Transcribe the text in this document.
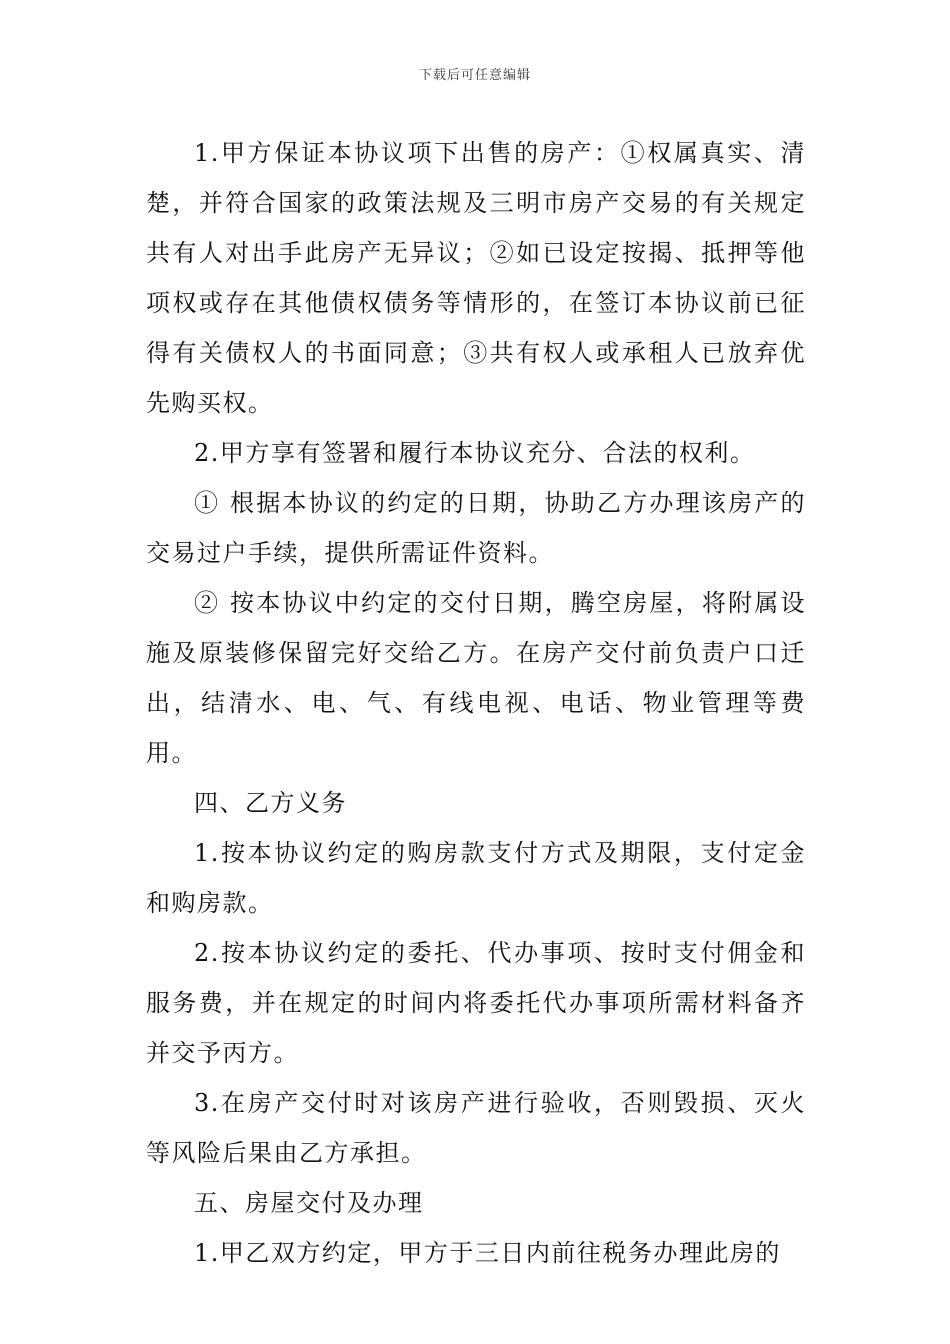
下载后可任意编辑

1.甲方保证本协议项下出售的房产：①权属真实、清楚，并符合国家的政策法规及三明市房产交易的有关规定共有人对出手此房产无异议；②如已设定按揭、抵押等他项权或存在其他债权债务等情形的，在签订本协议前已征得有关债权人的书面同意；③共有权人或承租人已放弃优先购买权。

2.甲方享有签署和履行本协议充分、合法的权利。

① 根据本协议的约定的日期，协助乙方办理该房产的交易过户手续，提供所需证件资料。

② 按本协议中约定的交付日期，腾空房屋，将附属设施及原装修保留完好交给乙方。在房产交付前负责户口迁出，结清水、电、气、有线电视、电话、物业管理等费用。

四、乙方义务

1.按本协议约定的购房款支付方式及期限，支付定金和购房款。

2.按本协议约定的委托、代办事项、按时支付佣金和服务费，并在规定的时间内将委托代办事项所需材料备齐并交予丙方。

3.在房产交付时对该房产进行验收，否则毁损、灭火等风险后果由乙方承担。

五、房屋交付及办理

1.甲乙双方约定，甲方于三日内前往税务办理此房的
